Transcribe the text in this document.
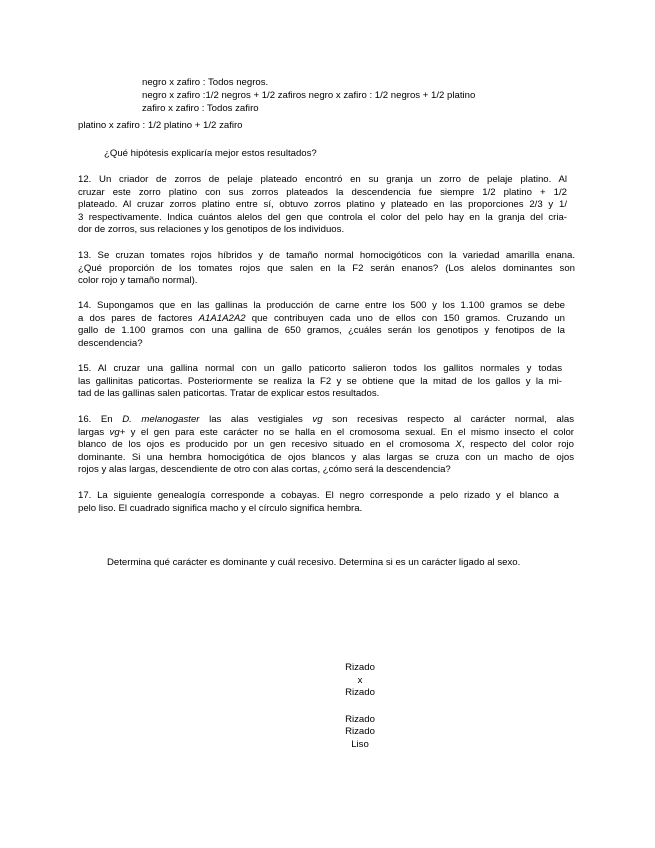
negro x zafiro : Todos negros.
negro x zafiro :1/2 negros + 1/2 zafiros negro x zafiro : 1/2 negros + 1/2 platino
zafiro x zafiro : Todos zafiro
platino x zafiro : 1/2 platino + 1/2 zafiro

¿Qué hipótesis explicaría mejor estos resultados?

12. Un criador de zorros de pelaje plateado encontró en su granja un zorro de pelaje platino. Al
cruzar este zorro platino con sus zorros plateados la descendencia fue siempre 1/2 platino + 1/2
plateado. Al cruzar zorros platino entre sí, obtuvo zorros platino y plateado en las proporciones 2/3 y 1/
3 respectivamente. Indica cuántos alelos del gen que controla el color del pelo hay en la granja del cria-
dor de zorros, sus relaciones y los genotipos de los individuos.
13. Se cruzan tomates rojos híbridos y de tamaño normal homocigóticos con la variedad amarilla enana.
¿Qué proporción de los tomates rojos que salen en la F2 serán enanos? (Los alelos dominantes son
color rojo y tamaño normal).
14. Supongamos que en las gallinas la producción de carne entre los 500 y los 1.100 gramos se debe
a dos pares de factores A1A1A2A2 que contribuyen cada uno de ellos con 150 gramos. Cruzando un
gallo de 1.100 gramos con una gallina de 650 gramos, ¿cuáles serán los genotipos y fenotipos de la
descendencia?
15. Al cruzar una gallina normal con un gallo paticorto salieron todos los gallitos normales y todas
las gallinitas paticortas. Posteriormente se realiza la F2 y se obtiene que la mitad de los gallos y la mi-
tad de las gallinas salen paticortas. Tratar de explicar estos resultados.
16. En D. melanogaster las alas vestigiales vg son recesivas respecto al carácter normal, alas
largas vg+ y el gen para este carácter no se halla en el cromosoma sexual. En el mismo insecto el color
blanco de los ojos es producido por un gen recesivo situado en el cromosoma X, respecto del color rojo
dominante. Si una hembra homocigótica de ojos blancos y alas largas se cruza con un macho de ojos
rojos y alas largas, descendiente de otro con alas cortas, ¿cómo será la descendencia?
17. La siguiente genealogía corresponde a cobayas. El negro corresponde a pelo rizado y el blanco a
pelo liso. El cuadrado significa macho y el círculo significa hembra.

Determina qué carácter es dominante y cuál recesivo. Determina si es un carácter ligado al sexo.

Rizado
x
Rizado
Rizado
Rizado
Liso
